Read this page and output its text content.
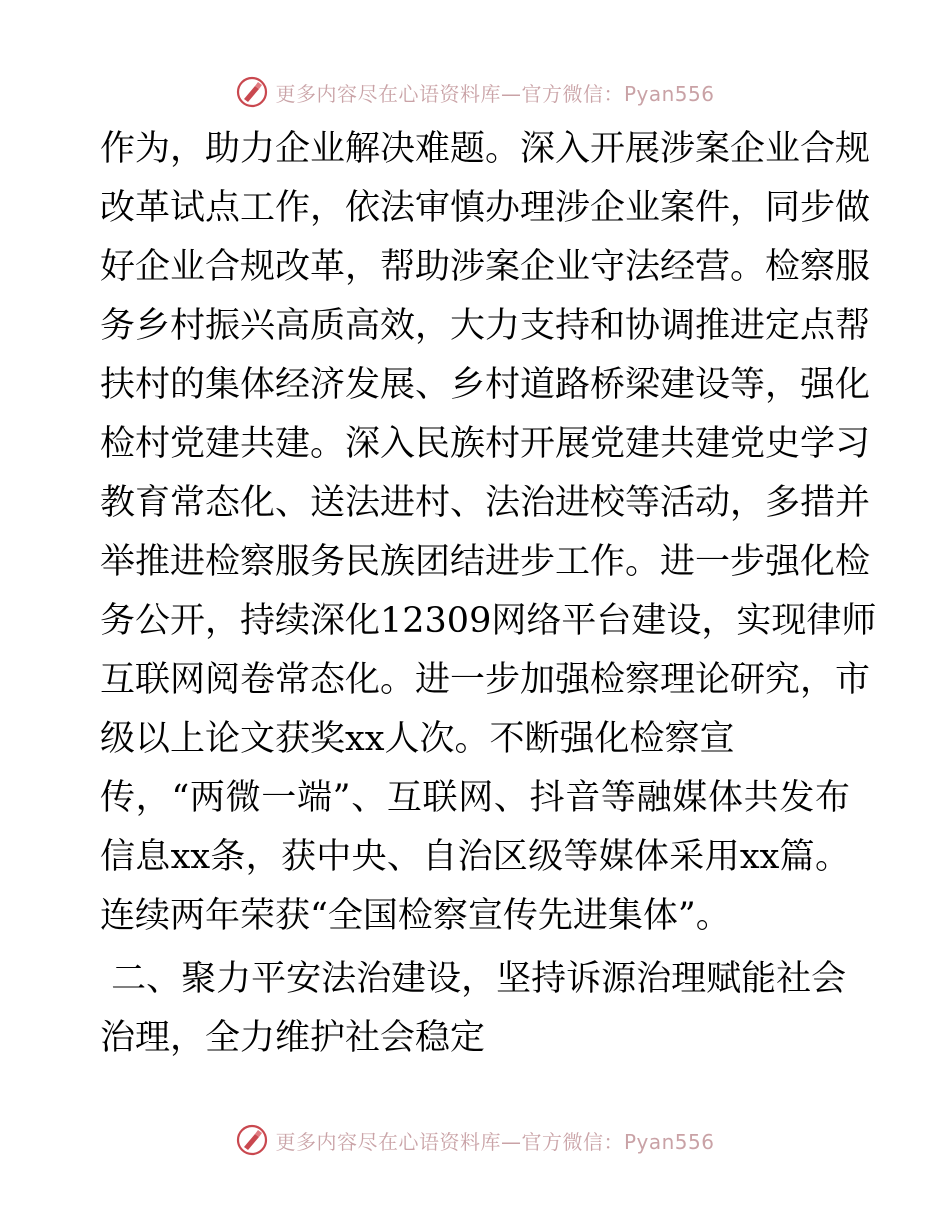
更多内容尽在心语资料库—官方微信：Pyan556
作为，助力企业解决难题。深入开展涉案企业合规
改革试点工作，依法审慎办理涉企业案件，同步做
好企业合规改革，帮助涉案企业守法经营。检察服
务乡村振兴高质高效，大力支持和协调推进定点帮
扶村的集体经济发展、乡村道路桥梁建设等，强化
检村党建共建。深入民族村开展党建共建党史学习
教育常态化、送法进村、法治进校等活动，多措并
举推进检察服务民族团结进步工作。进一步强化检
务公开，持续深化12309网络平台建设，实现律师
互联网阅卷常态化。进一步加强检察理论研究，市
级以上论文获奖xx人次。不断强化检察宣
传，“两微一端”、互联网、抖音等融媒体共发布
信息xx条，获中央、自治区级等媒体采用xx篇。
连续两年荣获“全国检察宣传先进集体”。
二、聚力平安法治建设，坚持诉源治理赋能社会
治理，全力维护社会稳定
更多内容尽在心语资料库—官方微信：Pyan556
